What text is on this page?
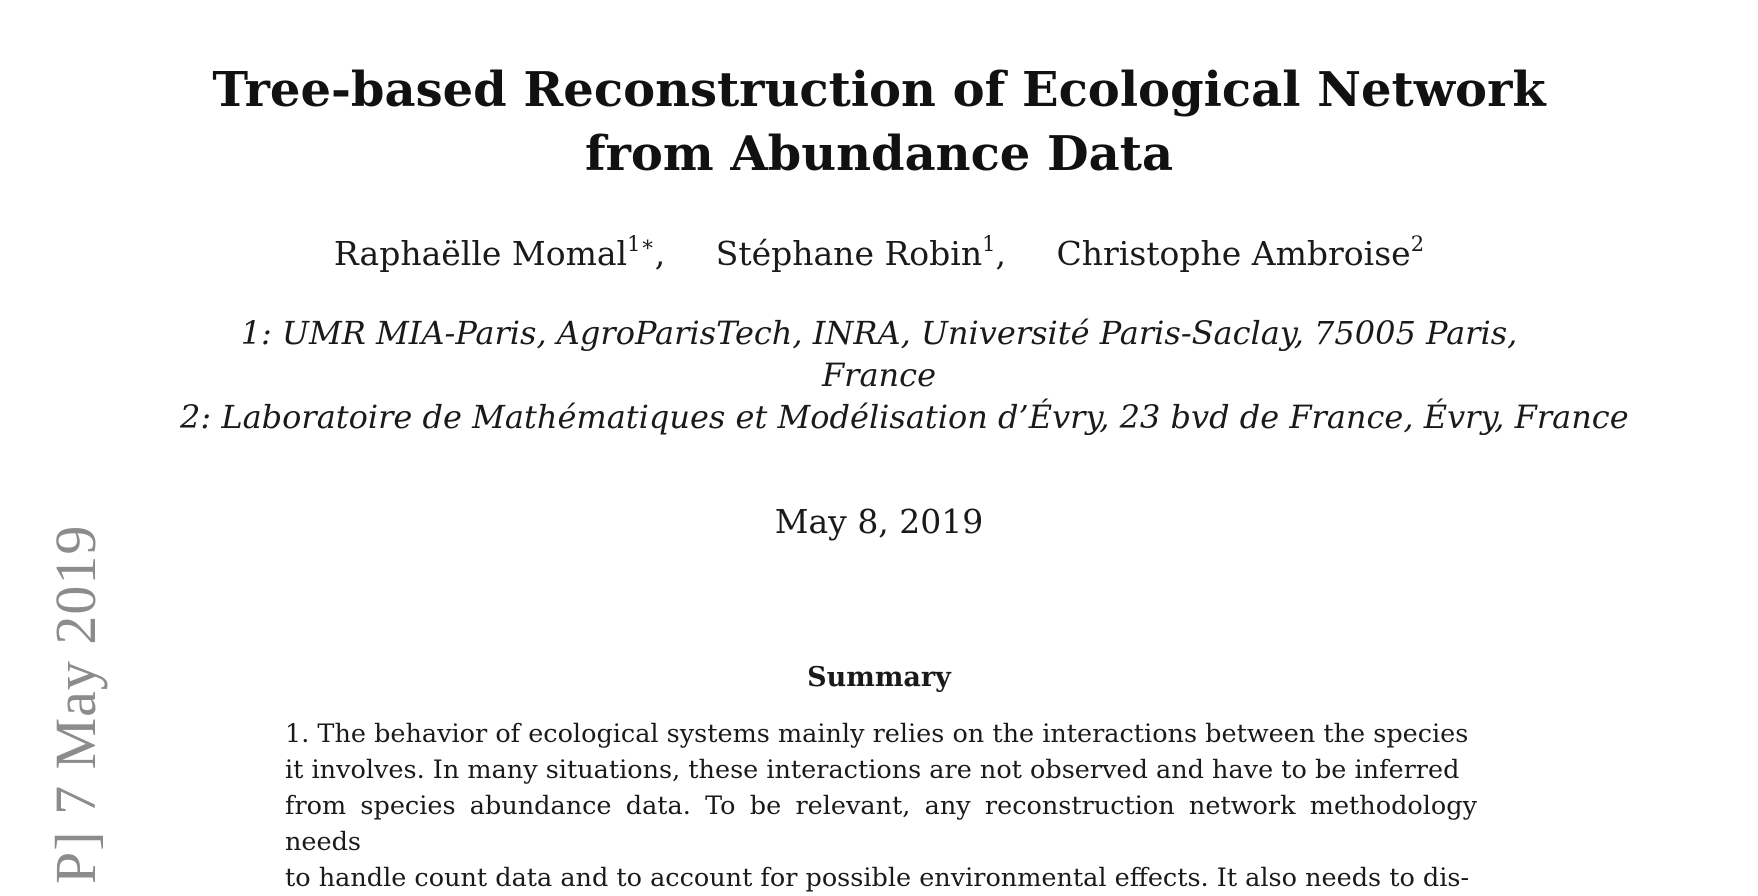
Tree-based Reconstruction of Ecological Network
from Abundance Data
Raphaëlle Momal$^{1∗}$, Stéphane Robin$^1$, Christophe Ambroise$^2$
1: UMR MIA-Paris, AgroParisTech, INRA, Université Paris-Saclay, 75005 Paris,
France
2: Laboratoire de Mathématiques et Modélisation d’Évry, 23 bvd de France, Évry, France
May 8, 2019
Summary
1. The behavior of ecological systems mainly relies on the interactions between the species
it involves. In many situations, these interactions are not observed and have to be inferred
from species abundance data. To be relevant, any reconstruction network methodology needs
to handle count data and to account for possible environmental effects. It also needs to dis-
P] 7 May 2019
